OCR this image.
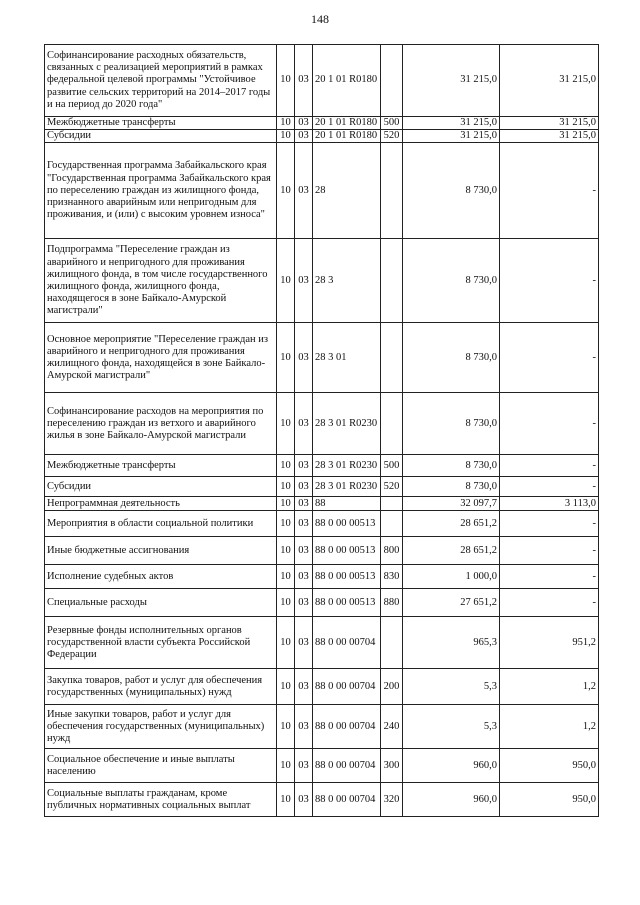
148
Софинансирование расходных обязательств, связанных с реализацией мероприятий в рамках федеральной целевой программы "Устойчивое развитие сельских территорий на 2014–2017 годы и на период до 2020 года"	10	03	20 1 01 R0180		31 215,0	31 215,0
Межбюджетные трансферты	10	03	20 1 01 R0180	500	31 215,0	31 215,0
Субсидии	10	03	20 1 01 R0180	520	31 215,0	31 215,0
Государственная программа Забайкальского края "Государственная программа Забайкальского края по переселению граждан из жилищного фонда, признанного аварийным или непригодным для проживания, и (или) с высоким уровнем износа"	10	03	28		8 730,0	-
Подпрограмма "Переселение граждан из аварийного и непригодного для проживания жилищного фонда, в том числе государственного жилищного фонда, жилищного фонда, находящегося в зоне Байкало-Амурской магистрали"	10	03	28 3		8 730,0	-
Основное мероприятие "Переселение граждан из аварийного и непригодного для проживания жилищного фонда, находящейся в зоне Байкало-Амурской магистрали"	10	03	28 3 01		8 730,0	-
Софинансирование расходов на мероприятия по переселению граждан из ветхого и аварийного жилья в зоне Байкало-Амурской магистрали	10	03	28 3 01 R0230		8 730,0	-
Межбюджетные трансферты	10	03	28 3 01 R0230	500	8 730,0	-
Субсидии	10	03	28 3 01 R0230	520	8 730,0	-
Непрограммная деятельность	10	03	88		32 097,7	3 113,0
Мероприятия в области социальной политики	10	03	88 0 00 00513		28 651,2	-
Иные бюджетные ассигнования	10	03	88 0 00 00513	800	28 651,2	-
Исполнение судебных актов	10	03	88 0 00 00513	830	1 000,0	-
Специальные расходы	10	03	88 0 00 00513	880	27 651,2	-
Резервные фонды исполнительных органов государственной власти субъекта Российской Федерации	10	03	88 0 00 00704		965,3	951,2
Закупка товаров, работ и услуг для обеспечения государственных (муниципальных) нужд	10	03	88 0 00 00704	200	5,3	1,2
Иные закупки товаров, работ и услуг для обеспечения государственных (муниципальных) нужд	10	03	88 0 00 00704	240	5,3	1,2
Социальное обеспечение и иные выплаты населению	10	03	88 0 00 00704	300	960,0	950,0
Социальные выплаты гражданам, кроме публичных нормативных социальных выплат	10	03	88 0 00 00704	320	960,0	950,0
